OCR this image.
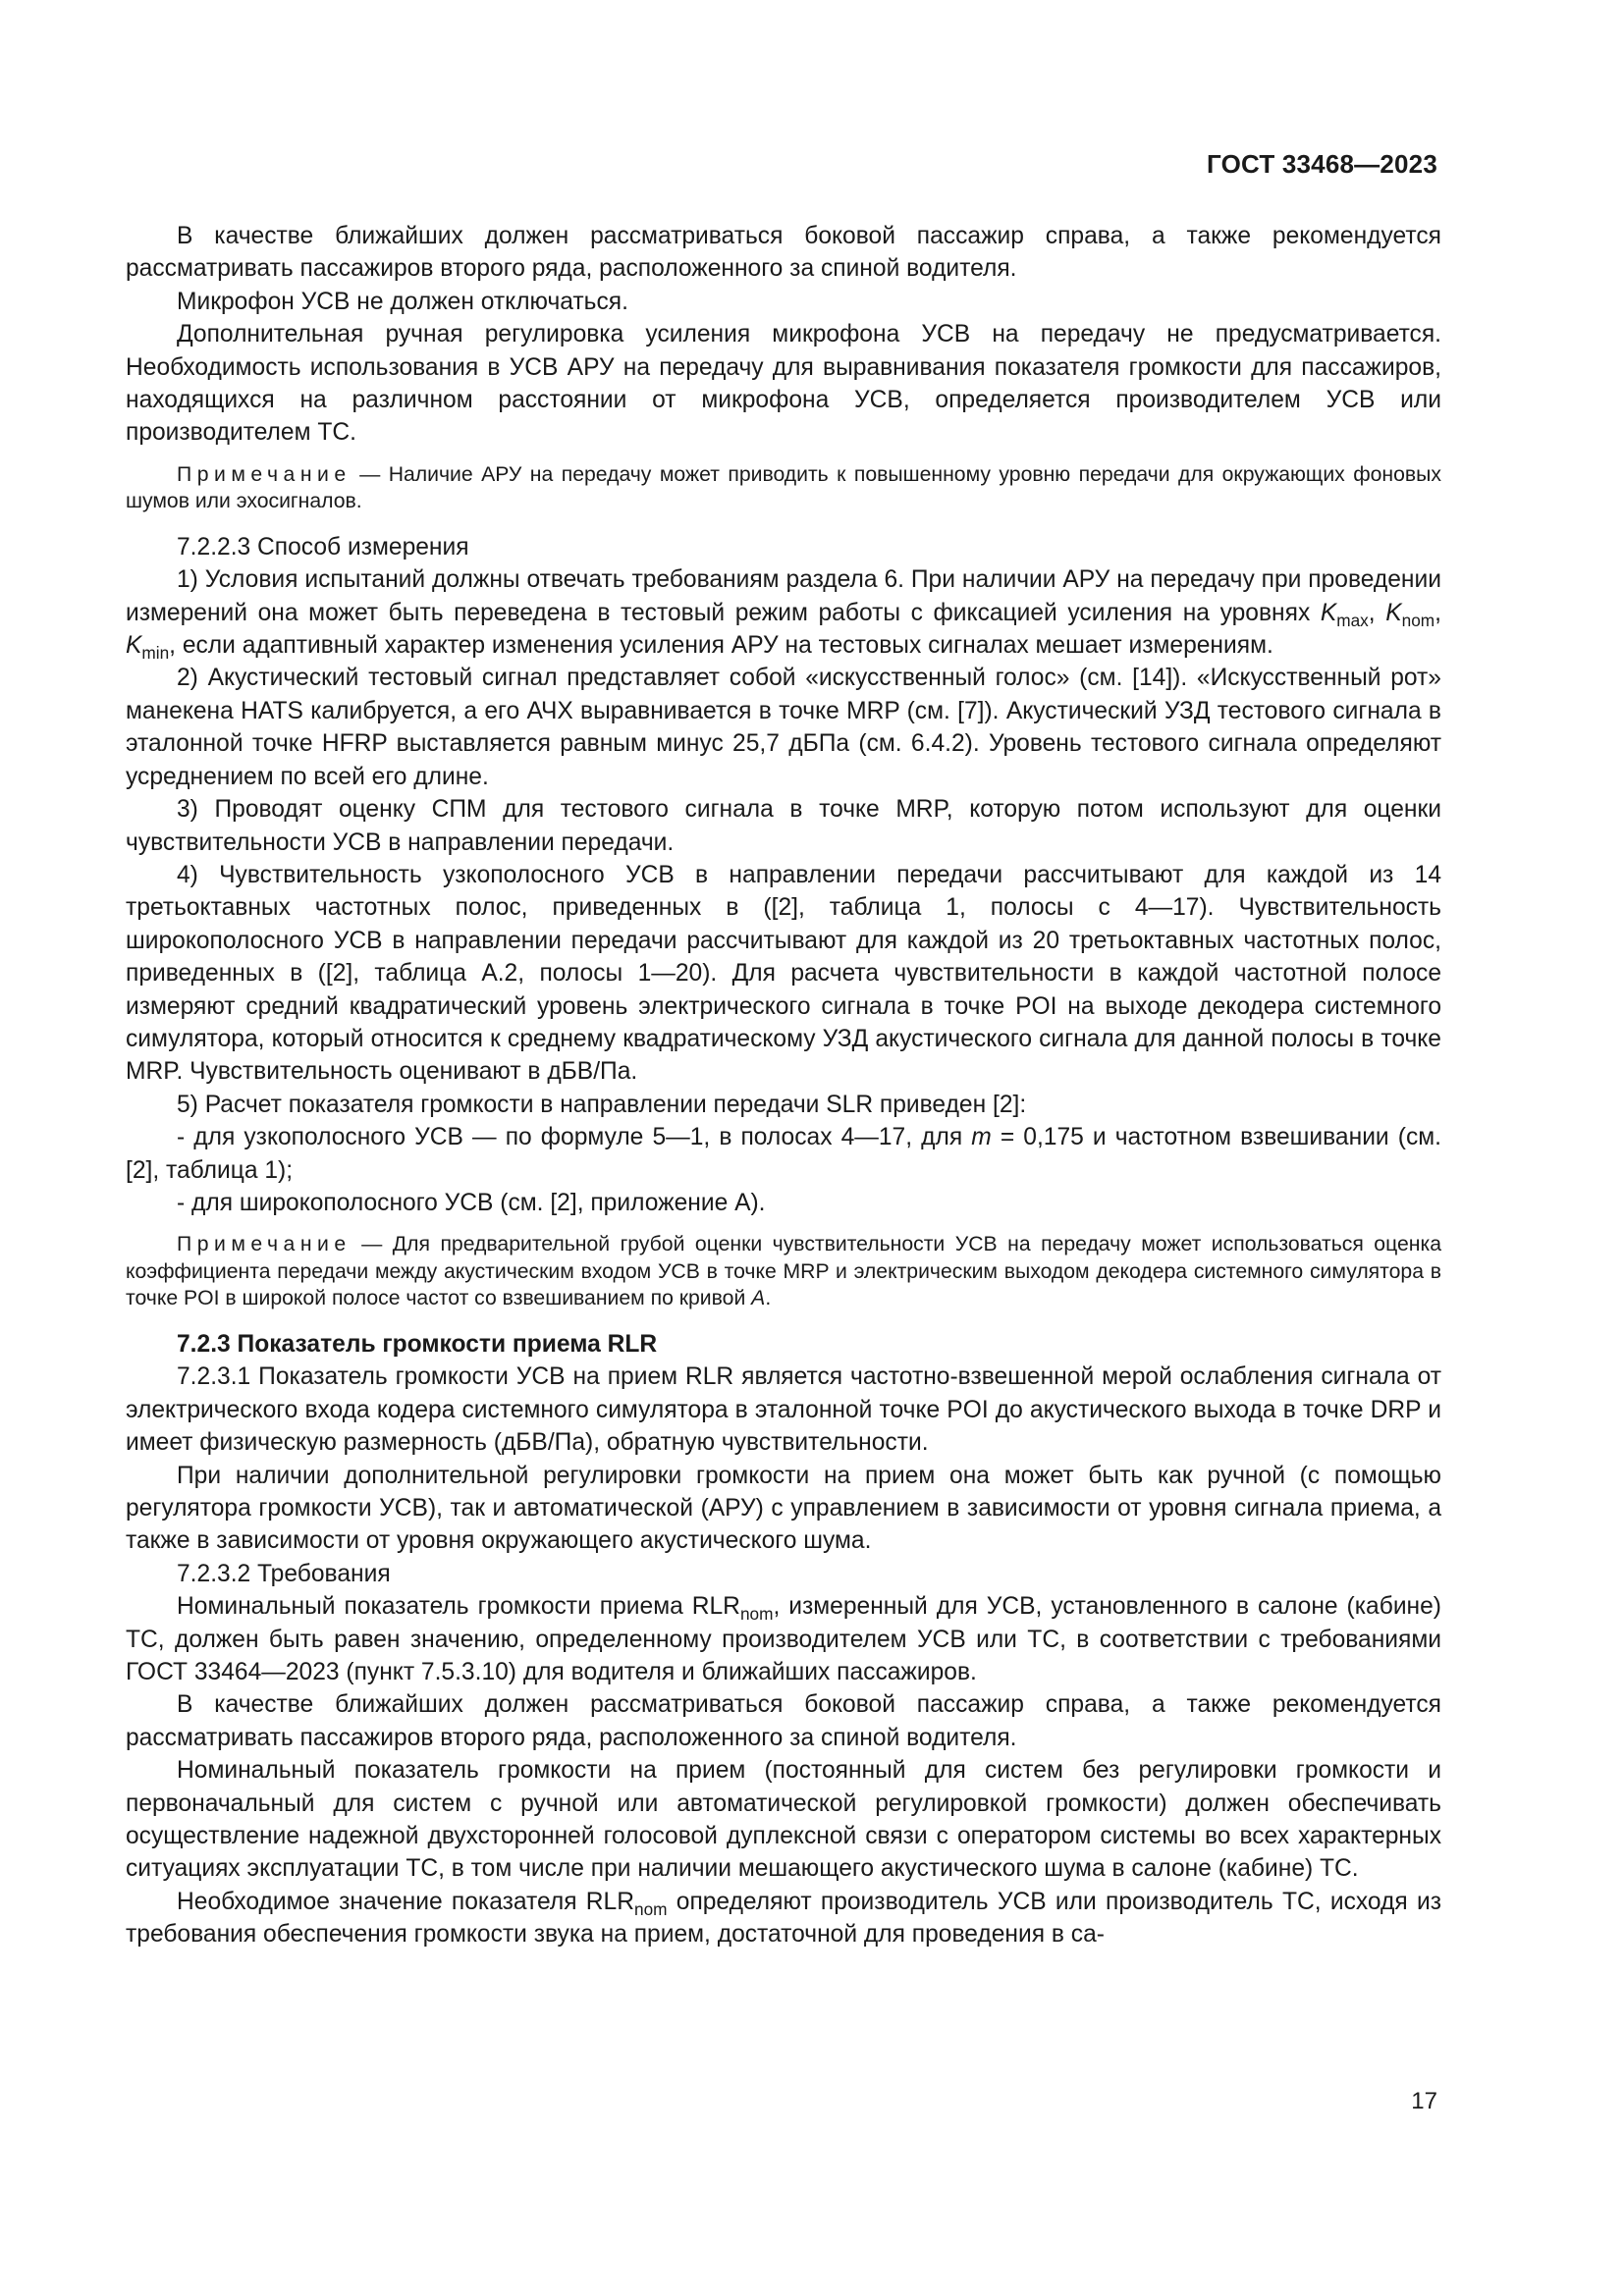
ГОСТ 33468—2023

В качестве ближайших должен рассматриваться боковой пассажир справа, а также рекомендуется рассматривать пассажиров второго ряда, расположенного за спиной водителя.

Микрофон УСВ не должен отключаться.

Дополнительная ручная регулировка усиления микрофона УСВ на передачу не предусматривается. Необходимость использования в УСВ АРУ на передачу для выравнивания показателя громкости для пассажиров, находящихся на различном расстоянии от микрофона УСВ, определяется производителем УСВ или производителем ТС.

Примечание — Наличие АРУ на передачу может приводить к повышенному уровню передачи для окружающих фоновых шумов или эхосигналов.

7.2.2.3 Способ измерения

1) Условия испытаний должны отвечать требованиям раздела 6. При наличии АРУ на передачу при проведении измерений она может быть переведена в тестовый режим работы с фиксацией усиления на уровнях $K_{max}$, $K_{nom}$, $K_{min}$, если адаптивный характер изменения усиления АРУ на тестовых сигналах мешает измерениям.

2) Акустический тестовый сигнал представляет собой «искусственный голос» (см. [14]). «Искусственный рот» манекена HATS калибруется, а его АЧХ выравнивается в точке MRP (см. [7]). Акустический УЗД тестового сигнала в эталонной точке HFRP выставляется равным минус 25,7 дБПа (см. 6.4.2). Уровень тестового сигнала определяют усреднением по всей его длине.

3) Проводят оценку СПМ для тестового сигнала в точке MRP, которую потом используют для оценки чувствительности УСВ в направлении передачи.

4) Чувствительность узкополосного УСВ в направлении передачи рассчитывают для каждой из 14 третьоктавных частотных полос, приведенных в ([2], таблица 1, полосы с 4—17). Чувствительность широкополосного УСВ в направлении передачи рассчитывают для каждой из 20 третьоктавных частотных полос, приведенных в ([2], таблица А.2, полосы 1—20). Для расчета чувствительности в каждой частотной полосе измеряют средний квадратический уровень электрического сигнала в точке POI на выходе декодера системного симулятора, который относится к среднему квадратическому УЗД акустического сигнала для данной полосы в точке MRP. Чувствительность оценивают в дБВ/Па.

5) Расчет показателя громкости в направлении передачи SLR приведен [2]:

- для узкополосного УСВ — по формуле 5—1, в полосах 4—17, для m = 0,175 и частотном взвешивании (см. [2], таблица 1);

- для широкополосного УСВ (см. [2], приложение А).

Примечание — Для предварительной грубой оценки чувствительности УСВ на передачу может использоваться оценка коэффициента передачи между акустическим входом УСВ в точке MRP и электрическим выходом декодера системного симулятора в точке POI в широкой полосе частот со взвешиванием по кривой A.

7.2.3 Показатель громкости приема RLR

7.2.3.1 Показатель громкости УСВ на прием RLR является частотно-взвешенной мерой ослабления сигнала от электрического входа кодера системного симулятора в эталонной точке POI до акустического выхода в точке DRP и имеет физическую размерность (дБВ/Па), обратную чувствительности.

При наличии дополнительной регулировки громкости на прием она может быть как ручной (с помощью регулятора громкости УСВ), так и автоматической (АРУ) с управлением в зависимости от уровня сигнала приема, а также в зависимости от уровня окружающего акустического шума.

7.2.3.2 Требования

Номинальный показатель громкости приема $RLR_{nom}$, измеренный для УСВ, установленного в салоне (кабине) ТС, должен быть равен значению, определенному производителем УСВ или ТС, в соответствии с требованиями ГОСТ 33464—2023 (пункт 7.5.3.10) для водителя и ближайших пассажиров.

В качестве ближайших должен рассматриваться боковой пассажир справа, а также рекомендуется рассматривать пассажиров второго ряда, расположенного за спиной водителя.

Номинальный показатель громкости на прием (постоянный для систем без регулировки громкости и первоначальный для систем с ручной или автоматической регулировкой громкости) должен обеспечивать осуществление надежной двухсторонней голосовой дуплексной связи с оператором системы во всех характерных ситуациях эксплуатации ТС, в том числе при наличии мешающего акустического шума в салоне (кабине) ТС.

Необходимое значение показателя $RLR_{nom}$ определяют производитель УСВ или производитель ТС, исходя из требования обеспечения громкости звука на прием, достаточной для проведения в са-

17
